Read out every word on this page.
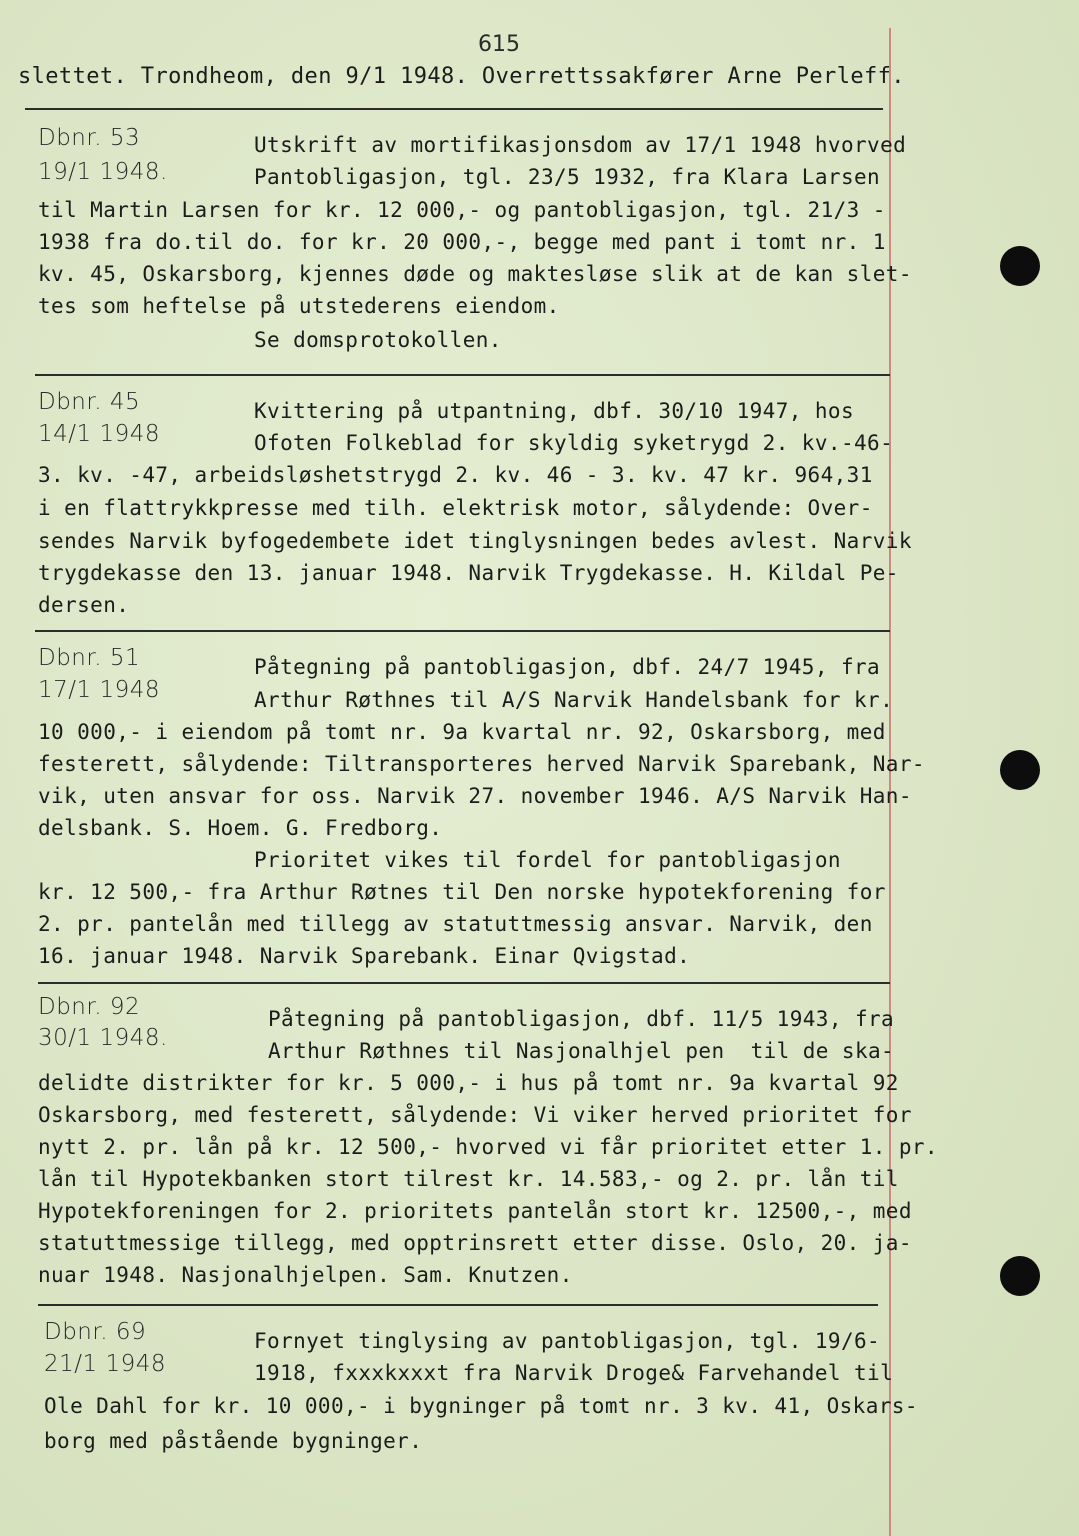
615
slettet. Trondheom, den 9/1 1948. Overrettssakfører Arne Perleff.
Dbnr. 53
19/1 1948.
Utskrift av mortifikasjonsdom av 17/1 1948 hvorved
Pantobligasjon, tgl. 23/5 1932, fra Klara Larsen
til Martin Larsen for kr. 12 000,- og pantobligasjon, tgl. 21/3 -
1938 fra do.til do. for kr. 20 000,-, begge med pant i tomt nr. 1
kv. 45, Oskarsborg, kjennes døde og maktesløse slik at de kan slet-
tes som heftelse på utstederens eiendom.
Se domsprotokollen.
Dbnr. 45
14/1 1948
Kvittering på utpantning, dbf. 30/10 1947, hos
Ofoten Folkeblad for skyldig syketrygd 2. kv.-46-
3. kv. -47, arbeidsløshetstrygd 2. kv. 46 - 3. kv. 47 kr. 964,31
i en flattrykkpresse med tilh. elektrisk motor, sålydende: Over-
sendes Narvik byfogedembete idet tinglysningen bedes avlest. Narvik
trygdekasse den 13. januar 1948. Narvik Trygdekasse. H. Kildal Pe-
dersen.
Dbnr. 51
17/1 1948
Påtegning på pantobligasjon, dbf. 24/7 1945, fra
Arthur Røthnes til A/S Narvik Handelsbank for kr.
10 000,- i eiendom på tomt nr. 9a kvartal nr. 92, Oskarsborg, med
festerett, sålydende: Tiltransporteres herved Narvik Sparebank, Nar-
vik, uten ansvar for oss. Narvik 27. november 1946. A/S Narvik Han-
delsbank. S. Hoem. G. Fredborg.
Prioritet vikes til fordel for pantobligasjon
kr. 12 500,- fra Arthur Røtnes til Den norske hypotekforening for
2. pr. pantelån med tillegg av statuttmessig ansvar. Narvik, den
16. januar 1948. Narvik Sparebank. Einar Qvigstad.
Dbnr. 92
30/1 1948.
Påtegning på pantobligasjon, dbf. 11/5 1943, fra
Arthur Røthnes til Nasjonalhjel pen  til de ska-
delidte distrikter for kr. 5 000,- i hus på tomt nr. 9a kvartal 92
Oskarsborg, med festerett, sålydende: Vi viker herved prioritet for
nytt 2. pr. lån på kr. 12 500,- hvorved vi får prioritet etter 1. pr.
lån til Hypotekbanken stort tilrest kr. 14.583,- og 2. pr. lån til
Hypotekforeningen for 2. prioritets pantelån stort kr. 12500,-, med
statuttmessige tillegg, med opptrinsrett etter disse. Oslo, 20. ja-
nuar 1948. Nasjonalhjelpen. Sam. Knutzen.
Dbnr. 69
21/1 1948
Fornyet tinglysing av pantobligasjon, tgl. 19/6-
1918, fxxxkxxxt fra Narvik Droge& Farvehandel til
Ole Dahl for kr. 10 000,- i bygninger på tomt nr. 3 kv. 41, Oskars-
borg med påstående bygninger.
